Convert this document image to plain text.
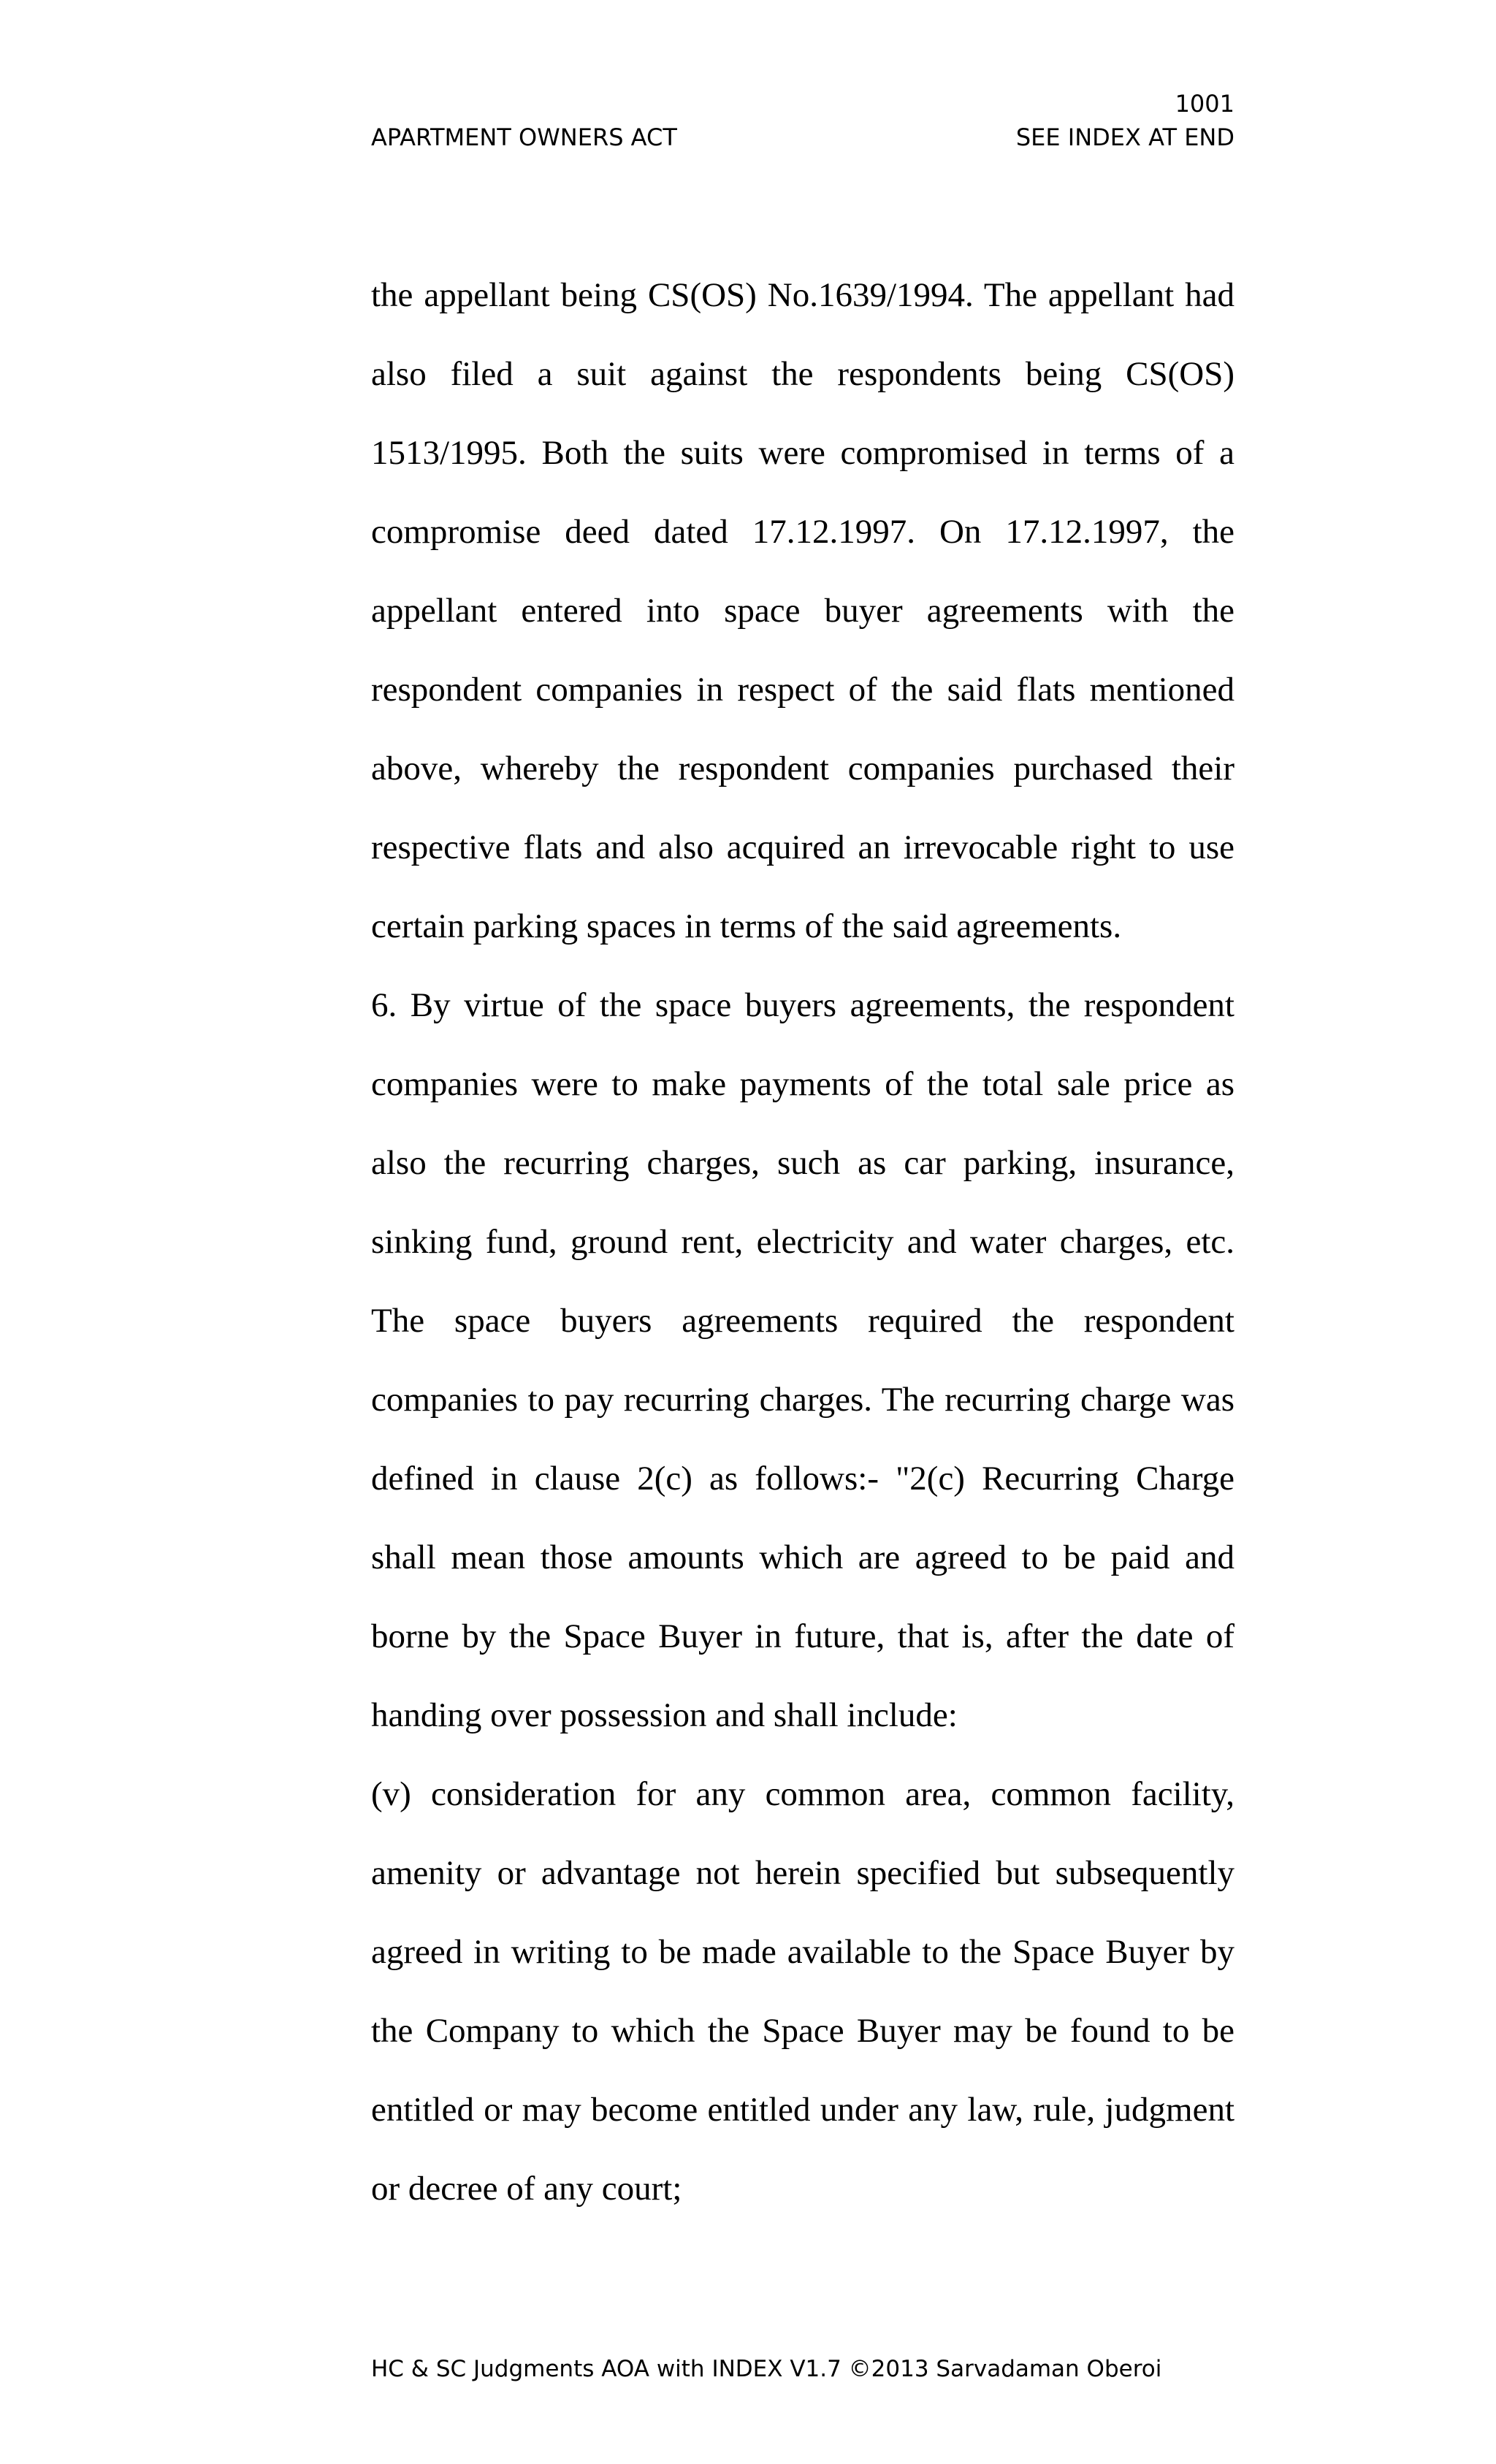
1001
APARTMENT OWNERS ACT	SEE INDEX AT END

the appellant being CS(OS) No.1639/1994. The appellant had also filed a suit against the respondents being CS(OS) 1513/1995. Both the suits were compromised in terms of a compromise deed dated 17.12.1997. On 17.12.1997, the appellant entered into space buyer agreements with the respondent companies in respect of the said flats mentioned above, whereby the respondent companies purchased their respective flats and also acquired an irrevocable right to use certain parking spaces in terms of the said agreements.

6. By virtue of the space buyers agreements, the respondent companies were to make payments of the total sale price as also the recurring charges, such as car parking, insurance, sinking fund, ground rent, electricity and water charges, etc. The space buyers agreements required the respondent companies to pay recurring charges. The recurring charge was defined in clause 2(c) as follows:- "2(c) Recurring Charge shall mean those amounts which are agreed to be paid and borne by the Space Buyer in future, that is, after the date of handing over possession and shall include:

(v) consideration for any common area, common facility, amenity or advantage not herein specified but subsequently agreed in writing to be made available to the Space Buyer by the Company to which the Space Buyer may be found to be entitled or may become entitled under any law, rule, judgment or decree of any court;

HC & SC Judgments AOA with INDEX V1.7 ©2013 Sarvadaman Oberoi
